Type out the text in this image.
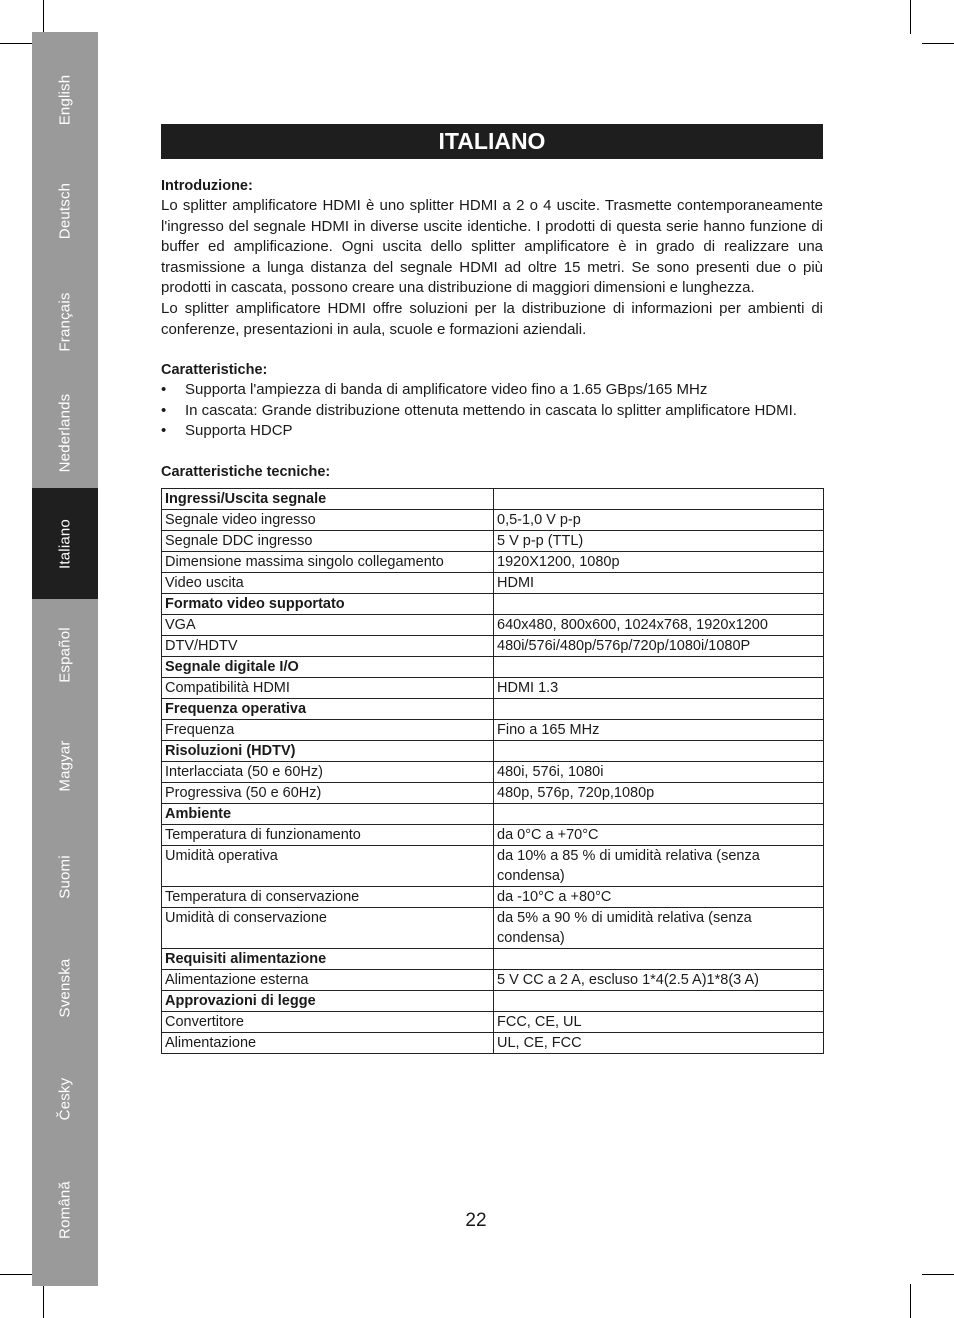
English
Deutsch
Français
Nederlands
Italiano
Español
Magyar
Suomi
Svenska
Česky
Română
ITALIANO
Introduzione:

Lo splitter amplificatore HDMI è uno splitter HDMI a 2 o 4 uscite. Trasmette contemporaneamente l'ingresso del segnale HDMI in diverse uscite identiche. I prodotti di questa serie hanno funzione di buffer ed amplificazione. Ogni uscita dello splitter amplificatore è in grado di realizzare una trasmissione a lunga distanza del segnale HDMI ad oltre 15 metri. Se sono presenti due o più prodotti in cascata, possono creare una distribuzione di maggiori dimensioni e lunghezza.

Lo splitter amplificatore HDMI offre soluzioni per la distribuzione di informazioni per ambienti di conferenze, presentazioni in aula, scuole e formazioni aziendali.

Caratteristiche:
• Supporta l'ampiezza di banda di amplificatore video fino a 1.65 GBps/165 MHz
• In cascata: Grande distribuzione ottenuta mettendo in cascata lo splitter amplificatore HDMI.
• Supporta HDCP
Caratteristiche tecniche:
Ingressi/Uscita segnale	
Segnale video ingresso	0,5-1,0 V p-p
Segnale DDC ingresso	5 V p-p (TTL)
Dimensione massima singolo collegamento	1920X1200, 1080p
Video uscita	HDMI
Formato video supportato	
VGA	640x480, 800x600, 1024x768, 1920x1200
DTV/HDTV	480i/576i/480p/576p/720p/1080i/1080P
Segnale digitale I/O	
Compatibilità HDMI	HDMI 1.3
Frequenza operativa	
Frequenza	Fino a 165 MHz
Risoluzioni (HDTV)	
Interlacciata (50 e 60Hz)	480i, 576i, 1080i
Progressiva (50 e 60Hz)	480p, 576p, 720p,1080p
Ambiente	
Temperatura di funzionamento	da 0°C a +70°C
Umidità operativa	da 10% a 85 % di umidità relativa (senza condensa)
Temperatura di conservazione	da -10°C a +80°C
Umidità di conservazione	da 5% a 90 % di umidità relativa (senza condensa)
Requisiti alimentazione	
Alimentazione esterna	5 V CC a 2 A, escluso 1*4(2.5 A)1*8(3 A)
Approvazioni di legge	
Convertitore	FCC, CE, UL
Alimentazione	UL, CE, FCC
22
